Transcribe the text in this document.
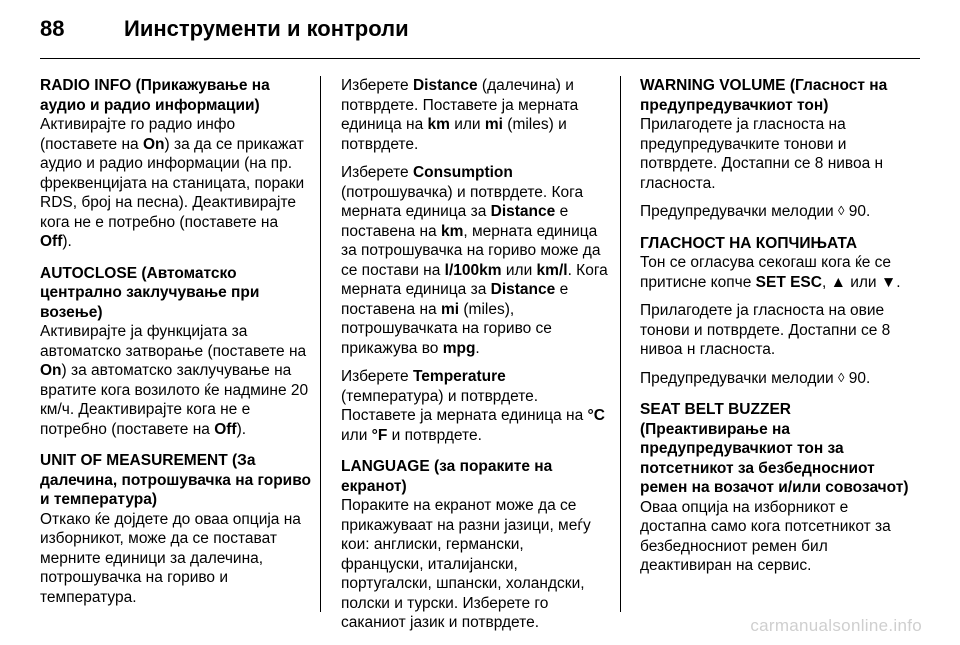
88	Иинструменти и контроли
RADIO INFO (Прикажување на аудио и радио информации)

Активирајте го радио инфо (поставете на On) за да се прикажат аудио и радио информации (на пр. фреквенцијата на станицата, пораки RDS, број на песна). Деактивирајте кога не е потребно (поставете на Off).

AUTOCLOSE (Автоматско централно заклучување при возење)

Активирајте ја функцијата за автоматско затворање (поставете на On) за автоматско заклучување на вратите кога возилото ќе надмине 20 км/ч. Деактивирајте кога не е потребно (поставете на Off).

UNIT OF MEASUREMENT (За далечина, потрошувачка на гориво и температура)

Откако ќе дојдете до оваа опција на изборникот, може да се постават мерните единици за далечина, потрошувачка на гориво и температура.

Изберете Distance (далечина) и потврдете. Поставете ја мерната единица на km или mi (miles) и потврдете.

Изберете Consumption (потрошувачка) и потврдете. Кога мерната единица за Distance е поставена на km, мерната единица за потрошувачка на гориво може да се постави на l/100km или km/l. Кога мерната единица за Distance е поставена на mi (miles), потрошувачката на гориво се прикажува во mpg.

Изберете Temperature (температура) и потврдете. Поставете ја мерната единица на °C или °F и потврдете.

LANGUAGE (за пораките на екранот)

Пораките на екранот може да се прикажуваат на разни јазици, меѓу кои: англиски, германски, француски, италијански, португалски, шпански, холандски, полски и турски. Изберете го саканиот јазик и потврдете.

WARNING VOLUME (Гласност на предупредувачкиот тон)

Прилагодете ја гласноста на предупредувачките тонови и потврдете. Достапни се 8 нивоа н гласноста.

Предупредувачки мелодии ◊ 90.

ГЛАСНОСТ НА КОПЧИЊАТА

Тон се огласува секогаш кога ќе се притисне копче SET ESC, ▲ или ▼.

Прилагодете ја гласноста на овие тонови и потврдете. Достапни се 8 нивоа н гласноста.

Предупредувачки мелодии ◊ 90.

SEAT BELT BUZZER (Преактивирање на предупредувачкиот тон за потсетникот за безбедносниот ремен на возачот и/или совозачот)

Оваа опција на изборникот е достапна само кога потсетникот за безбедносниот ремен бил деактивиран на сервис.

carmanualsonline.info
